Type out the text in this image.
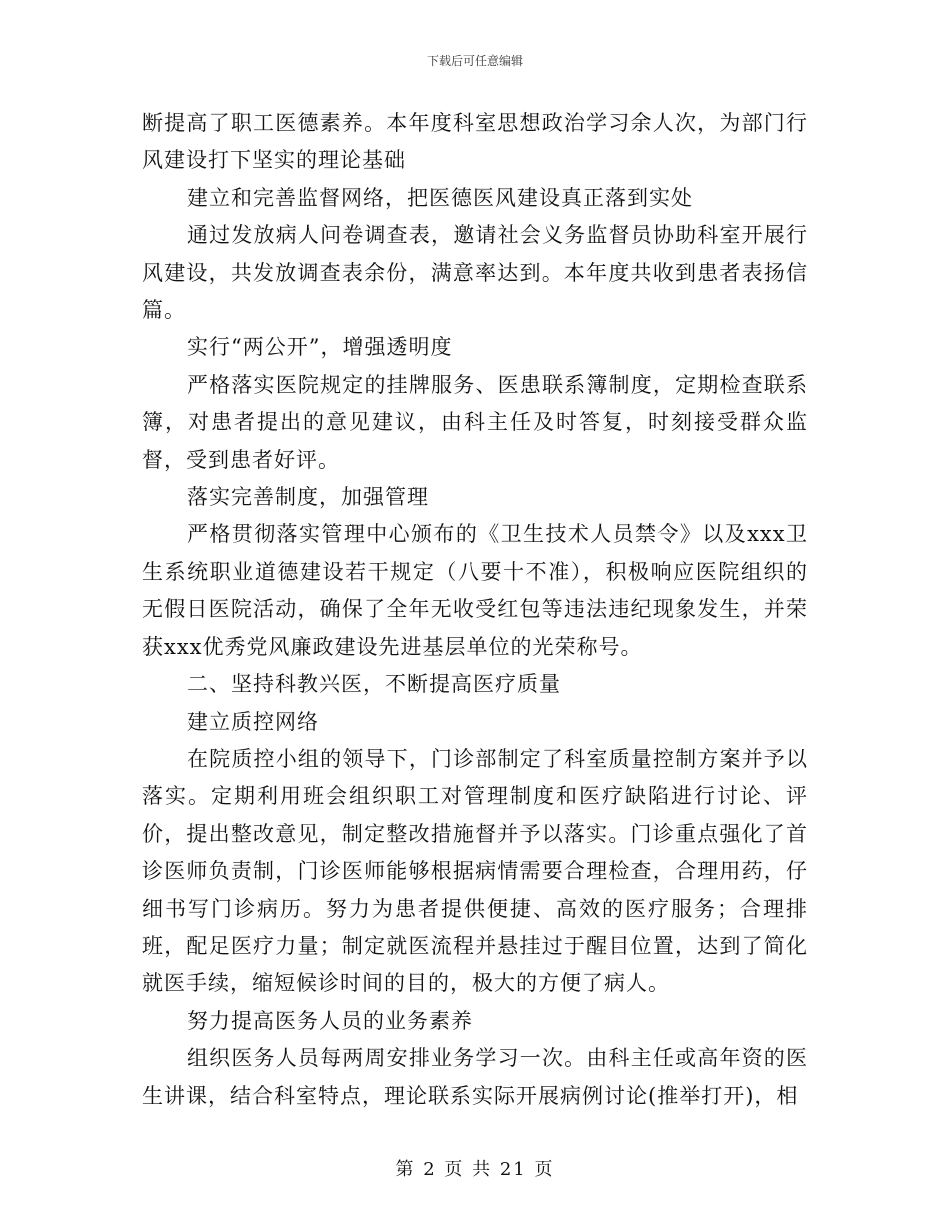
下载后可任意编辑

断提高了职工医德素养。本年度科室思想政治学习余人次，为部门行风建设打下坚实的理论基础

建立和完善监督网络，把医德医风建设真正落到实处

通过发放病人问卷调查表，邀请社会义务监督员协助科室开展行风建设，共发放调查表余份，满意率达到。本年度共收到患者表扬信篇。

实行“两公开”，增强透明度

严格落实医院规定的挂牌服务、医患联系簿制度，定期检查联系簿，对患者提出的意见建议，由科主任及时答复，时刻接受群众监督，受到患者好评。

落实完善制度，加强管理

严格贯彻落实管理中心颁布的《卫生技术人员禁令》以及xxx卫生系统职业道德建设若干规定（八要十不准），积极响应医院组织的无假日医院活动，确保了全年无收受红包等违法违纪现象发生，并荣获xxx优秀党风廉政建设先进基层单位的光荣称号。

二、坚持科教兴医，不断提高医疗质量

建立质控网络

在院质控小组的领导下，门诊部制定了科室质量控制方案并予以落实。定期利用班会组织职工对管理制度和医疗缺陷进行讨论、评价，提出整改意见，制定整改措施督并予以落实。门诊重点强化了首诊医师负责制，门诊医师能够根据病情需要合理检查，合理用药，仔细书写门诊病历。努力为患者提供便捷、高效的医疗服务；合理排班，配足医疗力量；制定就医流程并悬挂过于醒目位置，达到了简化就医手续，缩短候诊时间的目的，极大的方便了病人。

努力提高医务人员的业务素养

组织医务人员每两周安排业务学习一次。由科主任或高年资的医生讲课，结合科室特点，理论联系实际开展病例讨论(推举打开)，相

第 2 页 共 21 页
